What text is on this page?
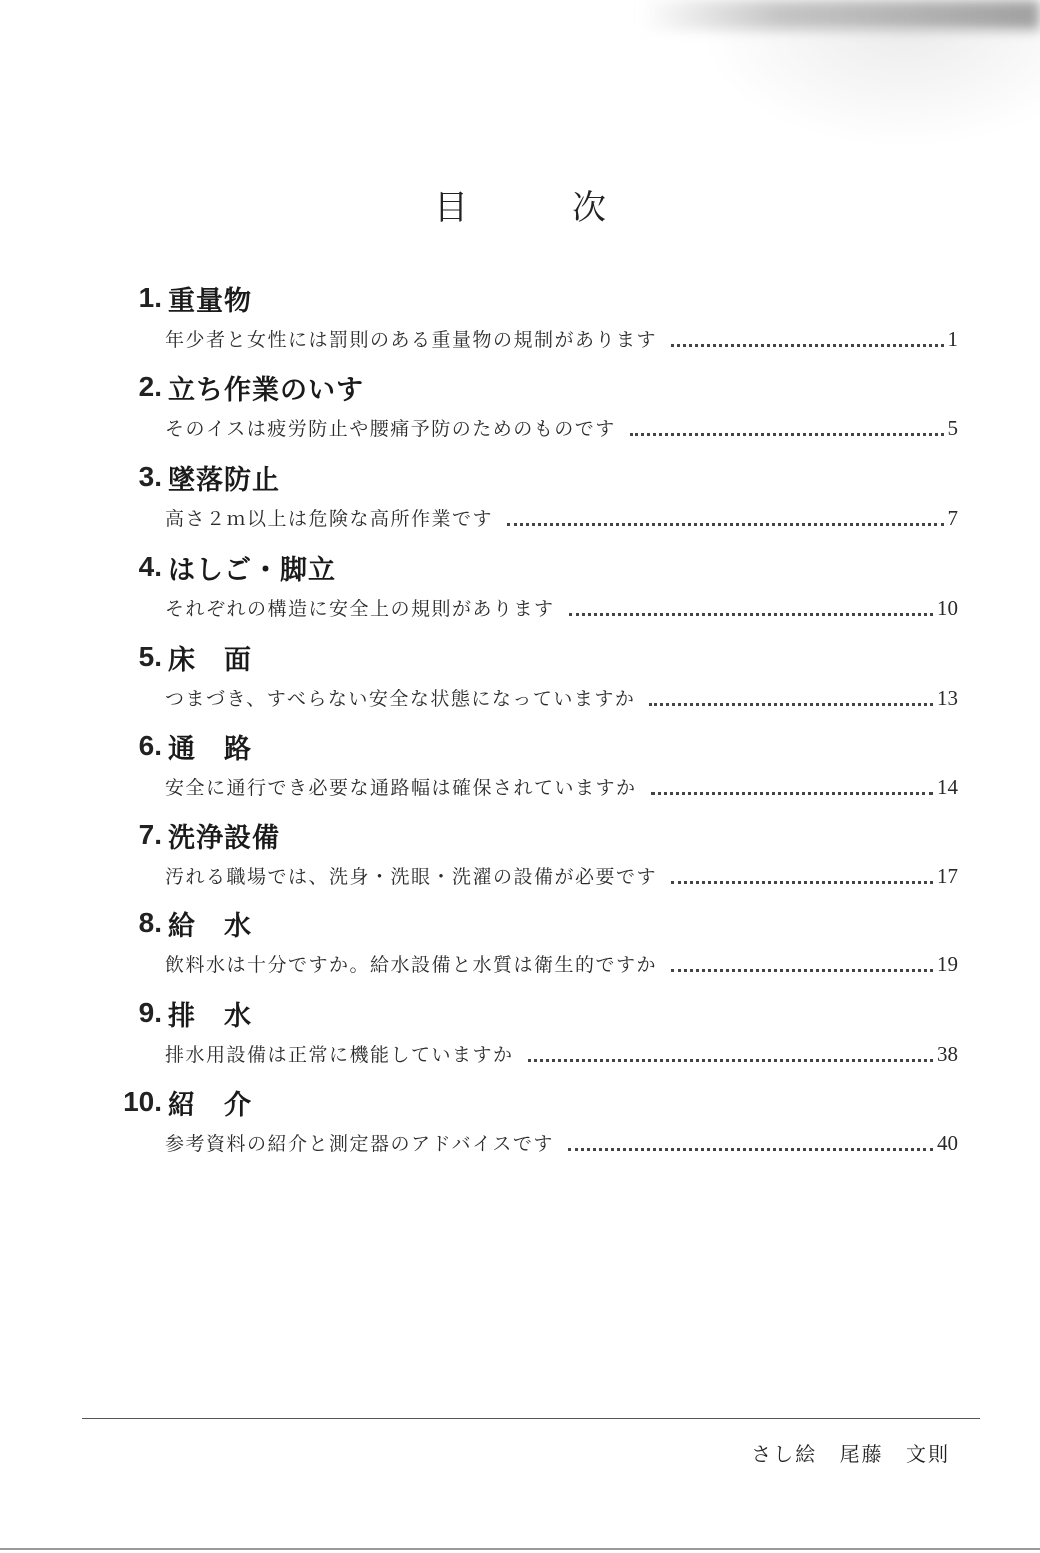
目次
1. 重量物
年少者と女性には罰則のある重量物の規制があります	1
2. 立ち作業のいす
そのイスは疲労防止や腰痛予防のためのものです	5
3. 墜落防止
高さ２ｍ以上は危険な高所作業です	7
4. はしご・脚立
それぞれの構造に安全上の規則があります	10
5. 床　面
つまづき、すべらない安全な状態になっていますか	13
6. 通　路
安全に通行でき必要な通路幅は確保されていますか	14
7. 洗浄設備
汚れる職場では、洗身・洗眼・洗濯の設備が必要です	17
8. 給　水
飲料水は十分ですか。給水設備と水質は衛生的ですか	19
9. 排　水
排水用設備は正常に機能していますか	38
10. 紹　介
参考資料の紹介と測定器のアドバイスです	40
さし絵 尾藤 文則
